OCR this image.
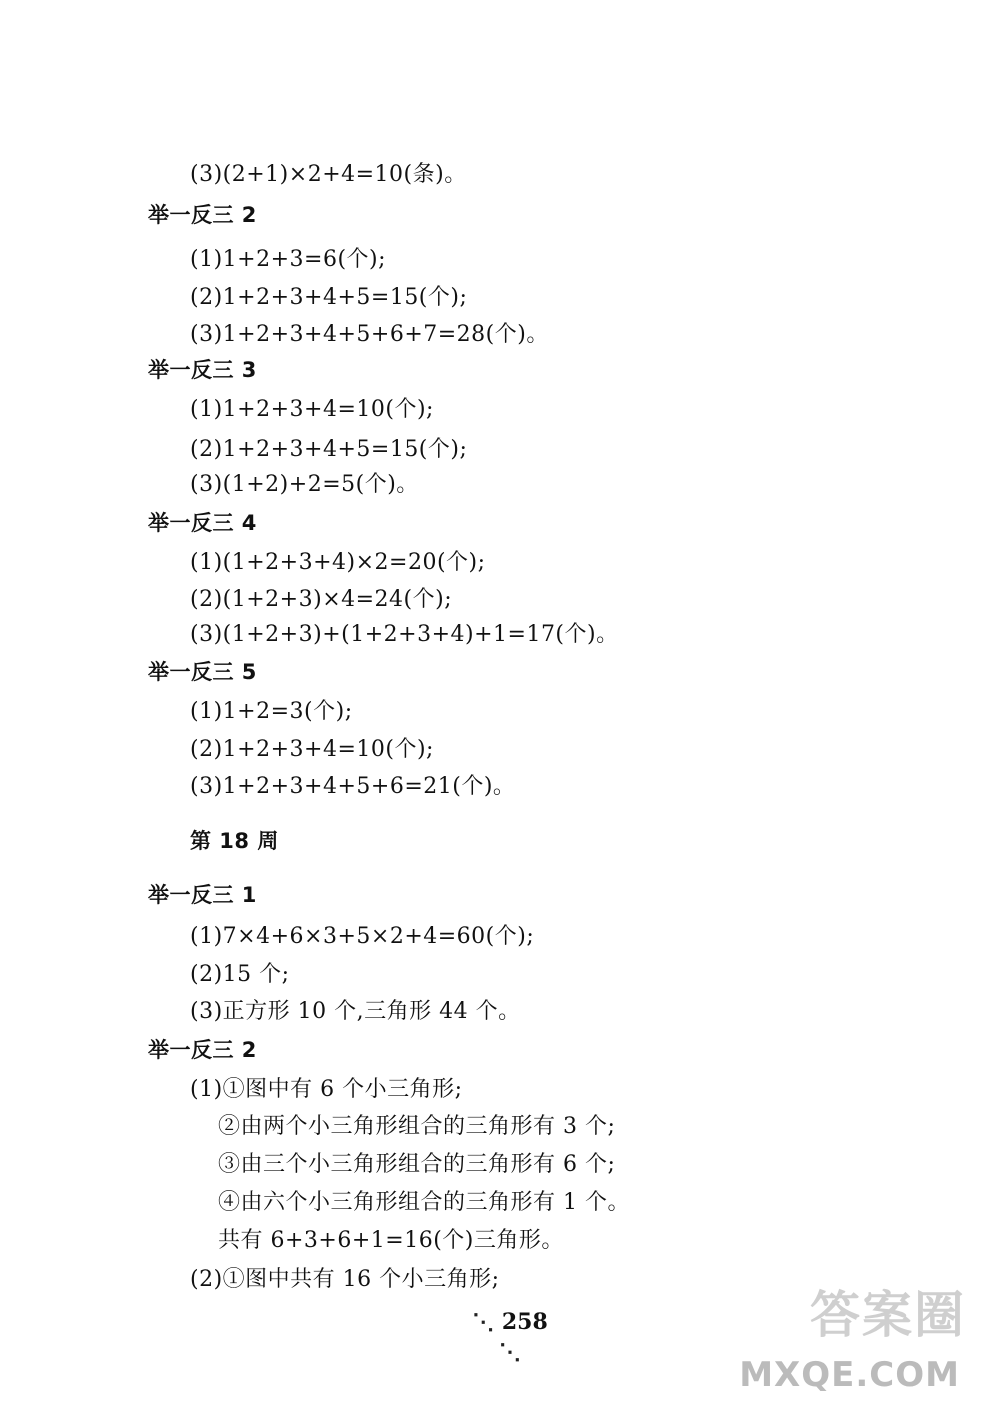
(3)(2+1)×2+4=10(条)。
举一反三 2
(1)1+2+3=6(个);
(2)1+2+3+4+5=15(个);
(3)1+2+3+4+5+6+7=28(个)。
举一反三 3
(1)1+2+3+4=10(个);
(2)1+2+3+4+5=15(个);
(3)(1+2)+2=5(个)。
举一反三 4
(1)(1+2+3+4)×2=20(个);
(2)(1+2+3)×4=24(个);
(3)(1+2+3)+(1+2+3+4)+1=17(个)。
举一反三 5
(1)1+2=3(个);
(2)1+2+3+4=10(个);
(3)1+2+3+4+5+6=21(个)。
第 18 周
举一反三 1
(1)7×4+6×3+5×2+4=60(个);
(2)15 个;
(3)正方形 10 个,三角形 44 个。
举一反三 2
(1)①图中有 6 个小三角形;
②由两个小三角形组合的三角形有 3 个;
③由三个小三角形组合的三角形有 6 个;
④由六个小三角形组合的三角形有 1 个。
共有 6+3+6+1=16(个)三角形。
(2)①图中共有 16 个小三角形;
⋱ 258 ⋱
答案圈
MXQE.COM
